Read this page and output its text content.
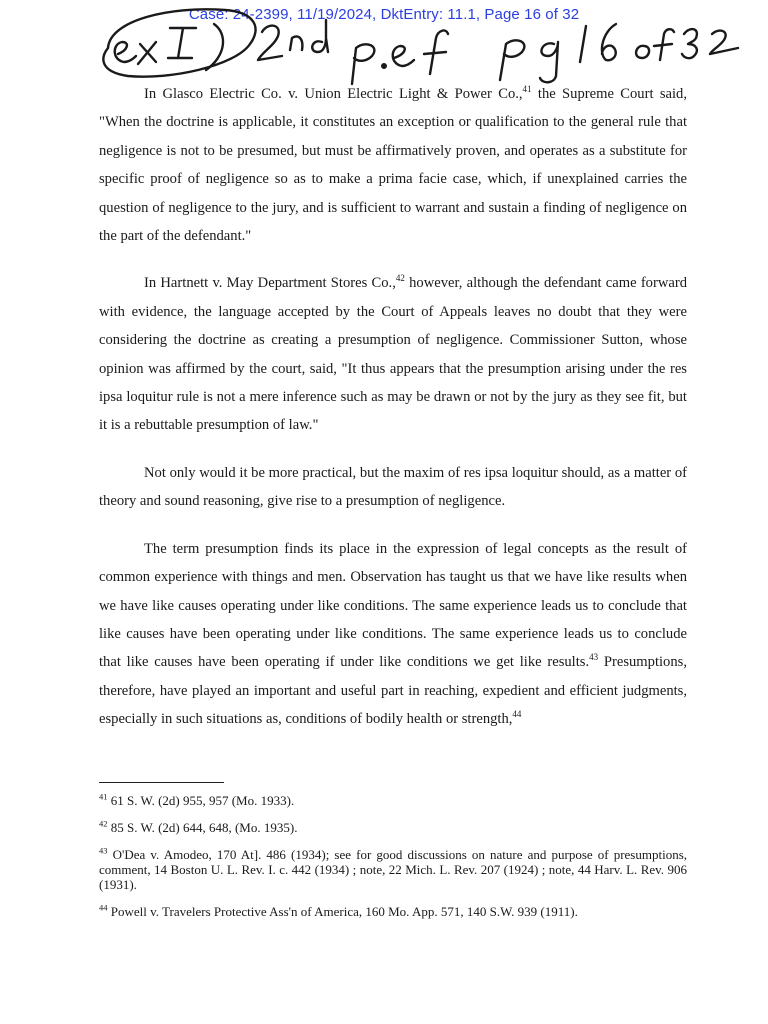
Case: 24-2399, 11/19/2024, DktEntry: 11.1, Page 16 of 32

In Glasco Electric Co. v. Union Electric Light & Power Co.,$^{41}$ the Supreme Court said, "When the doctrine is applicable, it constitutes an exception or qualification to the general rule that negligence is not to be presumed, but must be affirmatively proven, and operates as a substitute for specific proof of negligence so as to make a prima facie case, which, if unexplained carries the question of negligence to the jury, and is sufficient to warrant and sustain a finding of negligence on the part of the defendant."

In Hartnett v. May Department Stores Co.,$^{42}$ however, although the defendant came forward with evidence, the language accepted by the Court of Appeals leaves no doubt that they were considering the doctrine as creating a presumption of negligence. Commissioner Sutton, whose opinion was affirmed by the court, said, "It thus appears that the presumption arising under the res ipsa loquitur rule is not a mere inference such as may be drawn or not by the jury as they see fit, but it is a rebuttable presumption of law."

Not only would it be more practical, but the maxim of res ipsa loquitur should, as a matter of theory and sound reasoning, give rise to a presumption of negligence.

The term presumption finds its place in the expression of legal concepts as the result of common experience with things and men. Observation has taught us that we have like results when we have like causes operating under like conditions. The same experience leads us to conclude that like causes have been operating under like conditions. The same experience leads us to conclude that like causes have been operating if under like conditions we get like results.$^{43}$ Presumptions, therefore, have played an important and useful part in reaching, expedient and efficient judgments, especially in such situations as, conditions of bodily health or strength,$^{44}$

$^{41}$ 61 S. W. (2d) 955, 957 (Mo. 1933).
$^{42}$ 85 S. W. (2d) 644, 648, (Mo. 1935).
$^{43}$ O'Dea v. Amodeo, 170 At]. 486 (1934); see for good discussions on nature and purpose of presumptions, comment, 14 Boston U. L. Rev. I. c. 442 (1934) ; note, 22 Mich. L. Rev. 207 (1924) ; note, 44 Harv. L. Rev. 906 (1931).
$^{44}$ Powell v. Travelers Protective Ass'n of America, 160 Mo. App. 571, 140 S.W. 939 (1911).
